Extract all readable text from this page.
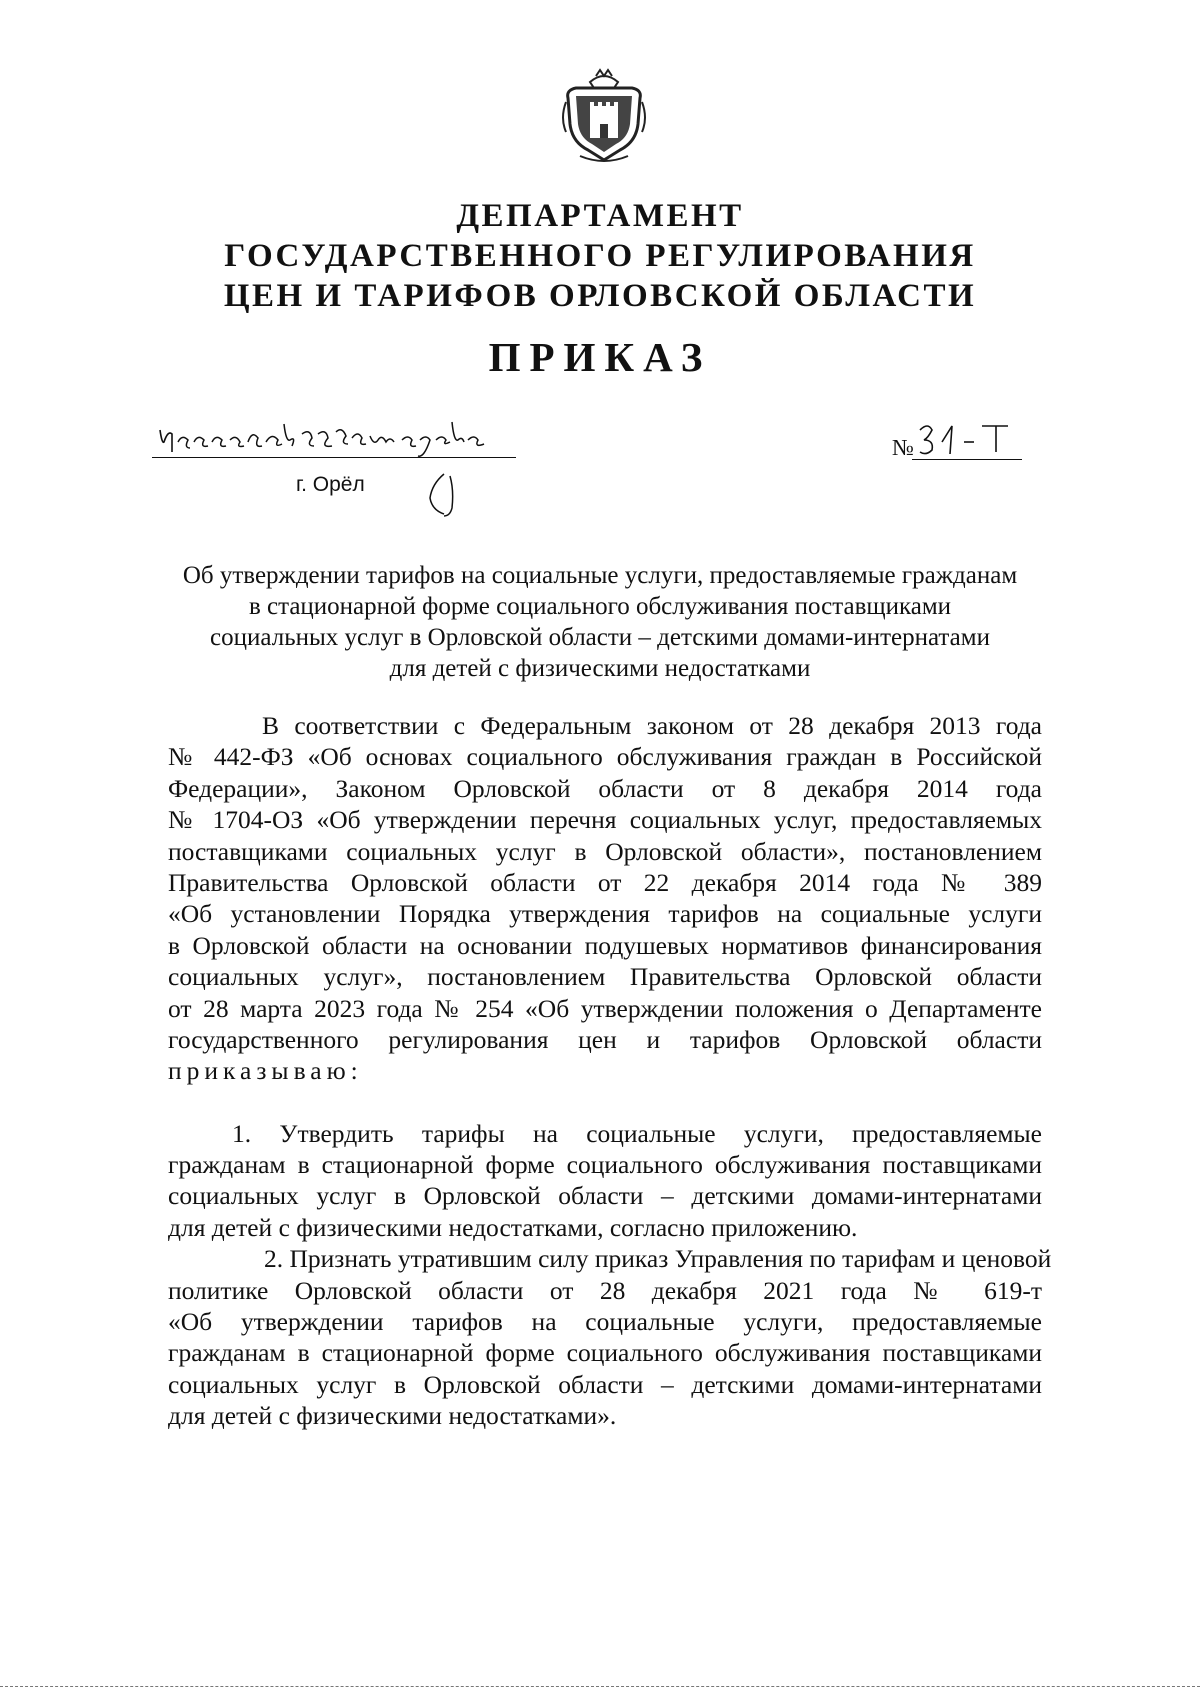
ДЕПАРТАМЕНТ
ГОСУДАРСТВЕННОГО РЕГУЛИРОВАНИЯ
ЦЕН И ТАРИФОВ ОРЛОВСКОЙ ОБЛАСТИ
ПРИКАЗ
4 сентября 2023 года
г. Орёл
№
31-т
Об утверждении тарифов на социальные услуги, предоставляемые гражданам
в стационарной форме социального обслуживания поставщиками
социальных услуг в Орловской области – детскими домами-интернатами
для детей с физическими недостатками
В соответствии с Федеральным законом от 28 декабря 2013 года
№ 442-ФЗ «Об основах социального обслуживания граждан в Российской
Федерации», Законом Орловской области от 8 декабря 2014 года
№ 1704-ОЗ «Об утверждении перечня социальных услуг, предоставляемых
поставщиками социальных услуг в Орловской области», постановлением
Правительства Орловской области от 22 декабря 2014 года № 389
«Об установлении Порядка утверждения тарифов на социальные услуги
в Орловской области на основании подушевых нормативов финансирования
социальных услуг», постановлением Правительства Орловской области
от 28 марта 2023 года № 254 «Об утверждении положения о Департаменте
государственного регулирования цен и тарифов Орловской области
приказываю:
1. Утвердить тарифы на социальные услуги, предоставляемые
гражданам в стационарной форме социального обслуживания поставщиками
социальных услуг в Орловской области – детскими домами-интернатами
для детей с физическими недостатками, согласно приложению.
2. Признать утратившим силу приказ Управления по тарифам и ценовой
политике Орловской области от 28 декабря 2021 года № 619-т
«Об утверждении тарифов на социальные услуги, предоставляемые
гражданам в стационарной форме социального обслуживания поставщиками
социальных услуг в Орловской области – детскими домами-интернатами
для детей с физическими недостатками».
